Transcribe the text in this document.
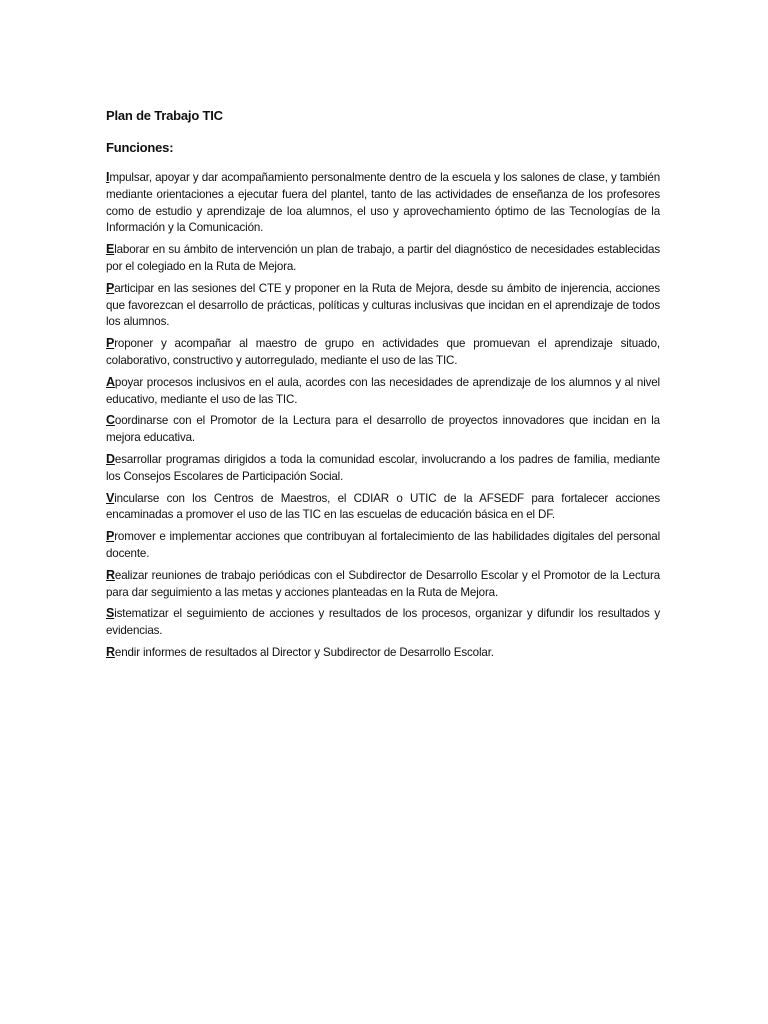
Plan de Trabajo TIC
Funciones:

Impulsar, apoyar y dar acompañamiento personalmente dentro de la escuela y los salones de clase, y también mediante orientaciones a ejecutar fuera del plantel, tanto de las actividades de enseñanza de los profesores como de estudio y aprendizaje de loa alumnos, el uso y aprovechamiento óptimo de las Tecnologías de la Información y la Comunicación.

Elaborar en su ámbito de intervención un plan de trabajo, a partir del diagnóstico de necesidades establecidas por el colegiado en la Ruta de Mejora.

Participar en las sesiones del CTE y proponer en la Ruta de Mejora, desde su ámbito de injerencia, acciones que favorezcan el desarrollo de prácticas, políticas y culturas inclusivas que incidan en el aprendizaje de todos los alumnos.

Proponer y acompañar al maestro de grupo en actividades que promuevan el aprendizaje situado, colaborativo, constructivo y autorregulado, mediante el uso de las TIC.

Apoyar procesos inclusivos en el aula, acordes con las necesidades de aprendizaje de los alumnos y al nivel educativo, mediante el uso de las TIC.

Coordinarse con el Promotor de la Lectura para el desarrollo de proyectos innovadores que incidan en la mejora educativa.

Desarrollar programas dirigidos a toda la comunidad escolar, involucrando a los padres de familia, mediante los Consejos Escolares de Participación Social.

Vincularse con los Centros de Maestros, el CDIAR o UTIC de la AFSEDF para fortalecer acciones encaminadas a promover el uso de las TIC en las escuelas de educación básica en el DF.

Promover e implementar acciones que contribuyan al fortalecimiento de las habilidades digitales del personal docente.

Realizar reuniones de trabajo periódicas con el Subdirector de Desarrollo Escolar y el Promotor de la Lectura para dar seguimiento a las metas y acciones planteadas en la Ruta de Mejora.

Sistematizar el seguimiento de acciones y resultados de los procesos, organizar y difundir los resultados y evidencias.

Rendir informes de resultados al Director y Subdirector de Desarrollo Escolar.
